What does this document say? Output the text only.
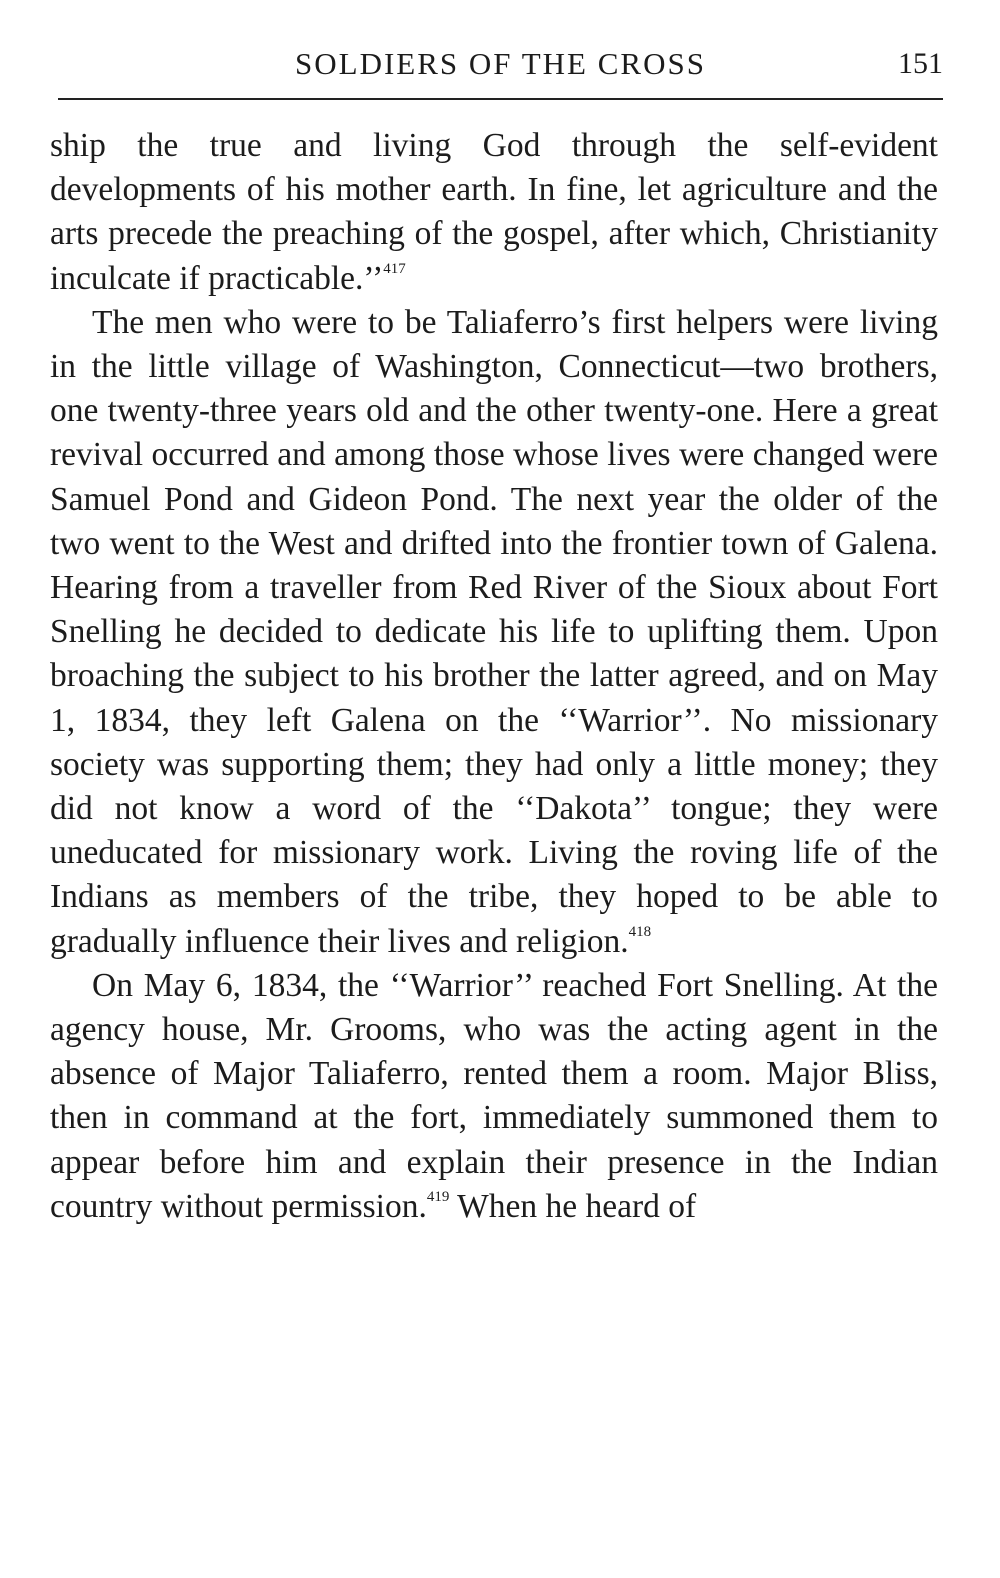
SOLDIERS OF THE CROSS	151

ship the true and living God through the self-evident developments of his mother earth. In fine, let agriculture and the arts precede the preaching of the gospel, after which, Christianity inculcate if practicable.’’$^{417}$

The men who were to be Taliaferro’s first helpers were living in the little village of Washington, Connecticut—two brothers, one twenty-three years old and the other twenty-one. Here a great revival occurred and among those whose lives were changed were Samuel Pond and Gideon Pond. The next year the older of the two went to the West and drifted into the frontier town of Galena. Hearing from a traveller from Red River of the Sioux about Fort Snelling he decided to dedicate his life to uplifting them. Upon broaching the subject to his brother the latter agreed, and on May 1, 1834, they left Galena on the ‘‘Warrior’’. No missionary society was supporting them; they had only a little money; they did not know a word of the ‘‘Dakota’’ tongue; they were uneducated for missionary work. Living the roving life of the Indians as members of the tribe, they hoped to be able to gradually influence their lives and religion.$^{418}$

On May 6, 1834, the ‘‘Warrior’’ reached Fort Snelling. At the agency house, Mr. Grooms, who was the acting agent in the absence of Major Taliaferro, rented them a room. Major Bliss, then in command at the fort, immediately summoned them to appear before him and explain their presence in the Indian country without permission.$^{419}$ When he heard of
